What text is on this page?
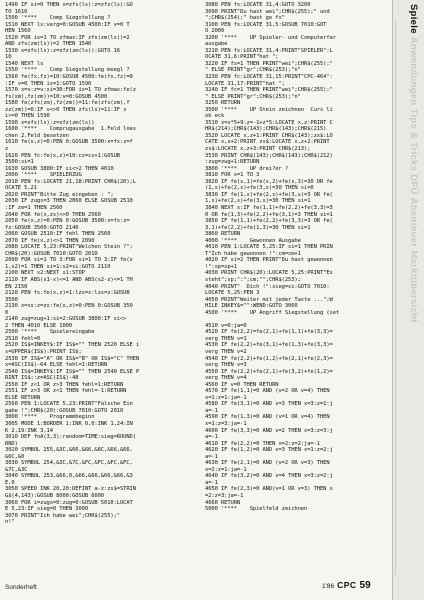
1490 IF si=0 THEN x=zfs(ls):z=zfz(ls):GO
TO 1610
1500 '****    Comp Siegstellung ?
1510 NEXT ls:verg=0:GOSUB 4500:IF v=0 T
HEN 1560
1520 FOR is=1 TO zfmax:IF zfs(zm(ls))=2
AND zfs(zm(ls))=2 THEN 1540
1530 x=zfs(ls):z=zfz(zm(ls)):GOTO 16
10
1540 NEXT ls
1550 '****    Comp Siegstellung moegl ?
1560 fe(fx,fz)=10:GOSUB 4500:fe(fx,fz)=0
:IF v=0 THEN is=1:GOTO 1590
1570 x=v:z=v:si=30:FOR is=1 TO zfmax:fe(z
fs(sm),fz(zm))=10:v=0:GOSUB 4500
1580 fe(zfs(zm),fz(zm))=11:fe(zfs(zm),f
zz(zm))=0:IF v<>0 THEN zfs(ls)=11:IF s
i>=0 THEN 1590
1590 x=zfs(ls):z=zfz(zm(ls))
1600 '****    Comprugausgabe  1.Feld loes
chen 2.Feld besetzen
1610 fe(x,z)=0:PEN 0:GOSUB 3500:x=fx:z=f
z
1620 PEN fc:fe(x,z)=10:cs=cs+1:GOSUB
3500:si=1
1630 GOSUB 3800:IF si<>2 THEN 4010
2000 '****    SPIELERZUG
2010 PEN fs:LOCATE 21,18:PRINT CHR$(20);L
OCATE 5,21
2020 PRINT"Bitte Zug eingeben : ";
2030 IF zugs=3 THEN 2060 ELSE GOSUB 2510
:IF ze=1 THEN 2560
2040 FOR fe(x,zs)<>0 THEN 2560
2050 fe(x,z)=0:PEN 0:GOSUB 3500:x=fs:z=
fz:GOSUB 3500:GOTO 2140
2060 GOSUB 2510:IF fehl THEN 2560
2070 IF fe(x,z)<>1 THEN 2090
2080 LOCATE 5,23:PRINT"Welchen Stein ?";
CHR$(20):GOSUB 7010:GOTO 2010
2090 FOR si=1 TO 3:FOR si=1 TO 3:IF fe(s
1,s2)=1 THEN si=1:s2=si:GOTO 2110
2100 NEXT s2:NEXT s1:STOP
2110 IF ABS(s1-x)<=1 AND ABS(s2-z)<=1 TH
EN 2150
2120 PEN fs:fe(x,z)=1:lzs=x:lzs=z:GOSUB
3500
2130 x=xs:z=zs:fe(x,z)=0:PEN 0:GOSUB 350
0
2140 zug=zug+1:si=2:GOSUB 3800:IF si<>
2 THEN 4010 ELSE 1000
2500 '****    Spielereingabe
2510 fehl=0
2520 IS$=INKEY$:IF IS$="" THEN 2520 ELSE i
s=UPPER$(IS$):PRINT IS$;
2530 IF IS$="A" OR IS$="B" OR IS$="C" THEN
x=ASC(IS$)-64 ELSE fehl=1:RETURN
2540 IS$=INKEY$:IF IS$="" THEN 2540 ELSE P
RINT IS$;:z=ASC(IS$)-48
2550 IF z<1 OR z>3 THEN fehl=1:RETURN
2551 IF z>3 OR z<1 THEN fehl=-1:RETURN
ELSE RETURN
2560 PEN 1:LOCATE 5,23:PRINT"Falsche Ein
gabe !";CHR$(20):GOSUB 7010:GOTO 2010
3000 '****    Programmbeginn
3005 MODE 1:BORDER 1:INK 0,0:INK 1,24:IN
K 2,19:INK 3,14
3010 DEF fnA(3,3):random=TIME:sieg=ROUND(
RND)
3020 SYMBOL 255,&3C,&66,&66,&6C,&66,&66,
&6C,&0
3030 SYMBOL 254,&3C,&7C,&FC,&FC,&FC,&FC,
&7C,&3C
3040 SYMBOL 253,&66,0,&66,&66,&66,&66,&3
E,0
3050 SPEED INK 20,20:DEFINT a-z:zs$=STRIN
G$(4,143):GOSUB 8000:GOSUB 6000
3060 FOR i=zugs=0:zug=0:GOSUB 5010:LOCAT
E 5,23:IF sieg=0 THEN 3090
3070 PRINT"Ich habe wei";CHR$(255);"
n!"
3080 PEN fs:LOCATE 31,4:GOTO 3200
3090 PRINT"Du hast wei";CHR$(255);" und
";CHR$(254);" hast ge fs"
3100 PEN fs:LOCATE 31,5:GOSUB 7010:GOT
O 2000
3200 '****    UP Spieler- und Computerfar
ausgabe
3210 PEN fs:LOCATE 31,4:PRINT"SPIELER":L
OCATE 31,6:PRINT"hat ";
3220 IF fs=1 THEN PRINT"wei";CHR$(255);"
" ELSE PRINT"gr";CHR$(253);"n"
3230 PEN fc:LOCATE 31,15:PRINT"CPC-464":
LOCATE 31,17:PRINT"hat ";
3240 IF fc=1 THEN PRINT"wei";CHR$(255);"
" ELSE PRINT"gr";CHR$(253);"n"
3250 RETURN
3500 '****    UP Stein zeichnen  Curs li
ob eck
3510 x=x*5+9:z=-1+z*5:LOCATE x,z:PRINT C
HR$(214);CHR$(143);CHR$(143);CHR$(215)
3520 LOCATE x,z+1:PRINT CHR$(143);zs$:LO
CATE x,z+2:PRINT zs$:LOCATE x,z+2:PRINT
zs$:LOCATE x,z+3:PRINT CHR$(213);
3530 PRINT CHR$(143);CHR$(143);CHR$(212)
:zug=zug+1:RETURN
3800 '****    UP drei?er ?
3810 FOR s=1 TO 3
3820 IF fe(s,1)=fe(s,2)+fe(s,3)=30 OR fe
(1,s)+fe(2,s)+fe(3,s)=30 THEN si=0
3830 IF fe(1,s)+fe(2,s)+fe(3,s)=3 OR fe(
1,s)+fe(2,s)+fe(3,s)=30 THEN si=1
3840 NEXT s:IF fe(1,1)+fe(2,2)+fe(3,3)=3
0 OR fe(1,3)+fe(2,2)+fe(3,1)=3 THEN si=1
3850 IF fe(1,1)+fe(2,2)+fe(3,3)=3 OR fe(
3,1)+fe(2,2)+fe(1,3)=30 THEN si=1
3860 RETURN
4000 '****    Gewonnen Ausgabe
4010 PEN 1:LOCATE 5,25:IF si=1 THEN PRIN
T"Ich habe gewonnen !":cm=cm+1
4020 IF si=2 THEN PRINT"Du hast gewonnen
!":sp=sp+1
4030 PRINT CHR$(20):LOCATE 5,25:PRINT"Es
steht";sp;":";cm;"";CHR$(253);
4040 PRINT"  Dich !":sieg=si:GOTO 7010:
LOCATE 5,25:PEN 3
4050 PRINT"Weiter mit jeder Taste ...";W
HILE INKEY$="":WEND:GOTO 3060
4500 '****    UP Angriff Siegstellung (set
4510 v=0:ja=0
4520 IF fe(2,2)=fe(2,1)+fe(1,1)+fe(3,3)=
verg THEN v=1
4530 IF fe(2,2)+fe(3,1)+fe(1,3)+fe(3,3)=
verg THEN v=2
4540 IF fe(2,2)+fe(1,2)+fe(2,1)+fe(2,3)=
verg THEN v=3
4550 IF fe(2,2)+fe(2,1)+fe(3,2)+fe(1,2)=
verg THEN v=4
4560 IF v=0 THEN RETURN
4570 IF fe(1,1)=0 AND (v=2 OR v=4) THEN
x=1:z=1:ja=-1
4580 IF fe(3,1)=0 AND v=3 THEN x=3:z=1:j
a=-1
4590 IF fe(1,3)=0 AND (v=1 OR v=4) THEN
x=1:z=3:ja=-1
4600 IF fe(3,3)=0 AND v=2 THEN x=3:z=3:j
a=-1
4610 IF fe(2,2)=0 THEN x=2:z=2:ja=-1
4620 IF fe(1,2)=0 AND v=3 THEN x=1:z=2:j
a=-1
4630 IF fe(2,1)=0 AND (v=2 OR v=3) THEN
x=2:z=1:ja=-1
4640 IF fe(3,2)=0 AND v=4 THEN x=3:z=2:j
a=-1
4650 IF fe(2,3)=0 AND(v=1 OR v=3) THEN x
=2:z=3:ja=-1
4660 RETURN
5000 '****    Spielfeld zeichnen
Spiele Anwendungen Tips & Tricks DFÜ Abenteuer Marktübersicht
Sonderheft	1'86 CPC 59
